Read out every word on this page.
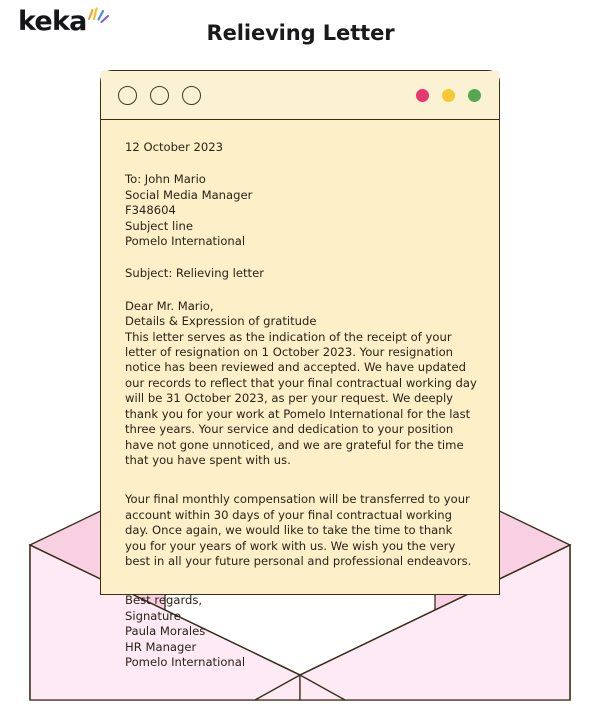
keka	Relieving Letter
12 October 2023
To: John Mario
Social Media Manager
F348604
Subject line
Pomelo International
Subject: Relieving letter
Dear Mr. Mario,
Details & Expression of gratitude
This letter serves as the indication of the receipt of your letter of resignation on 1 October 2023. Your resignation notice has been reviewed and accepted. We have updated our records to reflect that your final contractual working day will be 31 October 2023, as per your request. We deeply thank you for your work at Pomelo International for the last three years. Your service and dedication to your position have not gone unnoticed, and we are grateful for the time that you have spent with us.
Your final monthly compensation will be transferred to your account within 30 days of your final contractual working day. Once again, we would like to take the time to thank you for your years of work with us. We wish you the very best in all your future personal and professional endeavors.
Best regards,
Signature
Paula Morales
HR Manager
Pomelo International
